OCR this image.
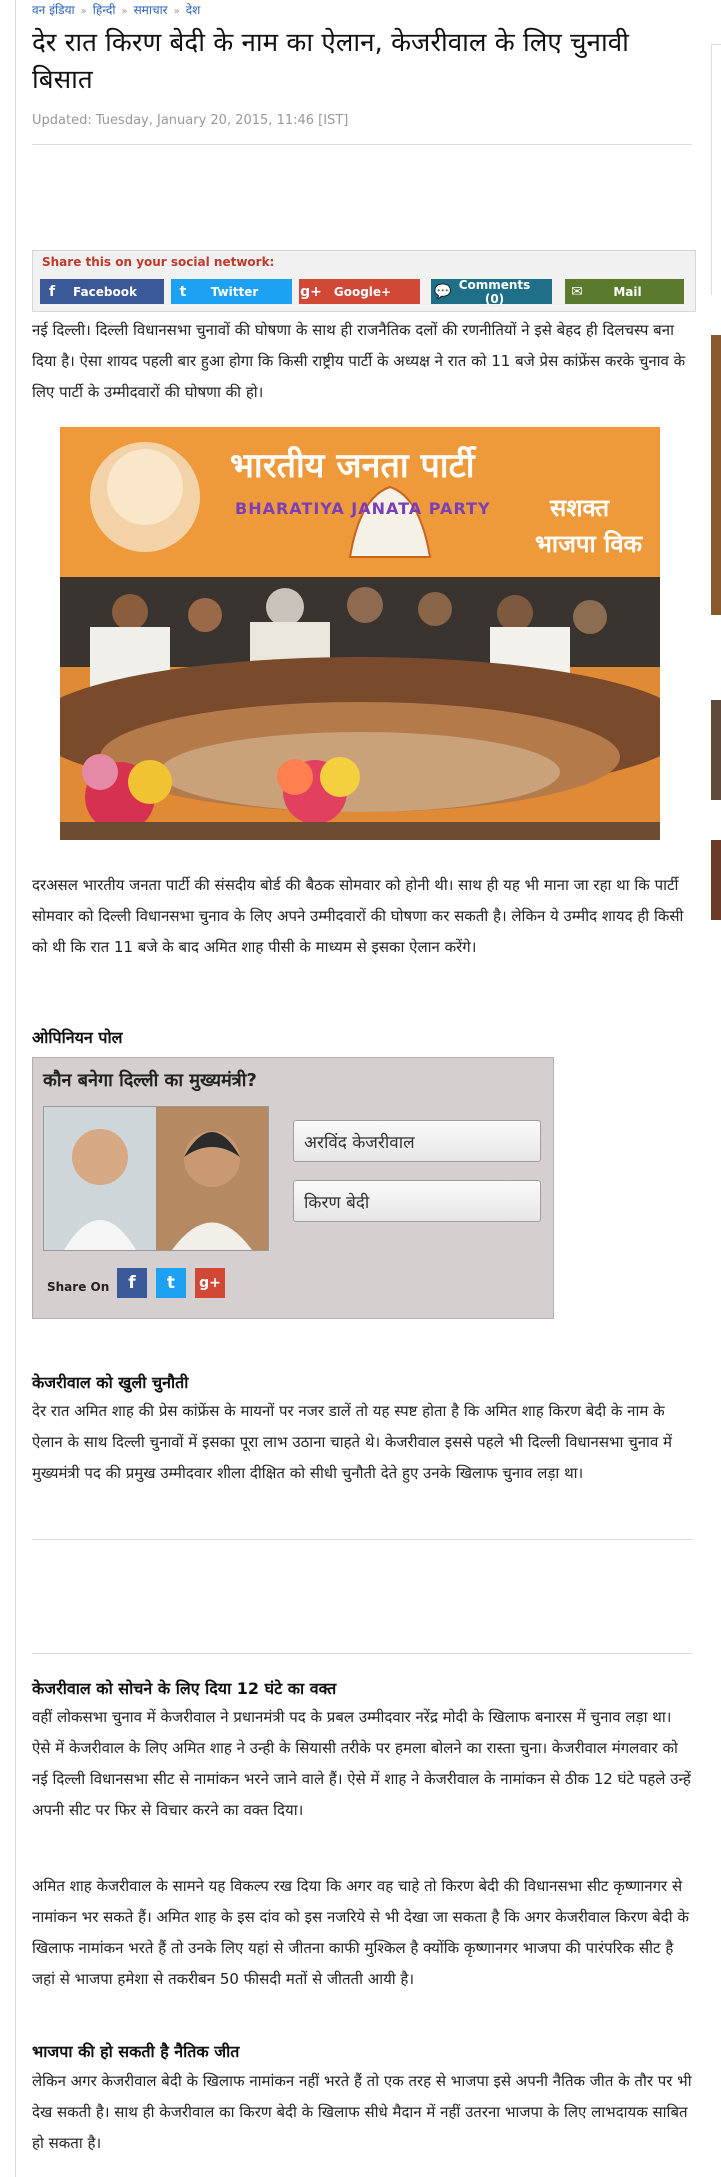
वन इंडिया » हिन्दी » समाचार » देश
देर रात किरण बेदी के नाम का ऐलान, केजरीवाल के लिए चुनावी बिसात
Updated: Tuesday, January 20, 2015, 11:46 [IST]
Share this on your social network:
f	Facebook	t	Twitter	g+	Google+	💬 Comments (0)	✉	Mail

नई दिल्ली। दिल्ली विधानसभा चुनावों की घोषणा के साथ ही राजनैतिक दलों की रणनीतियों ने इसे बेहद ही दिलचस्प बना दिया है। ऐसा शायद पहली बार हुआ होगा कि किसी राष्ट्रीय पार्टी के अध्यक्ष ने रात को 11 बजे प्रेस कांफ्रेंस करके चुनाव के लिए पार्टी के उम्मीदवारों की घोषणा की हो।

भारतीय जनता पार्टी
BHARATIYA JANATA PARTY सशक्त
भाजपा विक

दरअसल भारतीय जनता पार्टी की संसदीय बोर्ड की बैठक सोमवार को होनी थी। साथ ही यह भी माना जा रहा था कि पार्टी सोमवार को दिल्ली विधानसभा चुनाव के लिए अपने उम्मीदवारों की घोषणा कर सकती है। लेकिन ये उम्मीद शायद ही किसी को थी कि रात 11 बजे के बाद अमित शाह पीसी के माध्यम से इसका ऐलान करेंगे।

ओपिनियन पोल
कौन बनेगा दिल्ली का मुख्यमंत्री?
अरविंद केजरीवाल
किरण बेदी
Share On	f	t	g+
केजरीवाल को खुली चुनौती

देर रात अमित शाह की प्रेस कांफ्रेंस के मायनों पर नजर डालें तो यह स्पष्ट होता है कि अमित शाह किरण बेदी के नाम के ऐलान के साथ दिल्ली चुनावों में इसका पूरा लाभ उठाना चाहते थे। केजरीवाल इससे पहले भी दिल्ली विधानसभा चुनाव में मुख्यमंत्री पद की प्रमुख उम्मीदवार शीला दीक्षित को सीधी चुनौती देते हुए उनके खिलाफ चुनाव लड़ा था।

केजरीवाल को सोचने के लिए दिया 12 घंटे का वक्त

वहीं लोकसभा चुनाव में केजरीवाल ने प्रधानमंत्री पद के प्रबल उम्मीदवार नरेंद्र मोदी के खिलाफ बनारस में चुनाव लड़ा था। ऐसे में केजरीवाल के लिए अमित शाह ने उन्ही के सियासी तरीके पर हमला बोलने का रास्ता चुना। केजरीवाल मंगलवार को नई दिल्ली विधानसभा सीट से नामांकन भरने जाने वाले हैं। ऐसे में शाह ने केजरीवाल के नामांकन से ठीक 12 घंटे पहले उन्हें अपनी सीट पर फिर से विचार करने का वक्त दिया।

अमित शाह केजरीवाल के सामने यह विकल्प रख दिया कि अगर वह चाहे तो किरण बेदी की विधानसभा सीट कृष्णानगर से नामांकन भर सकते हैं। अमित शाह के इस दांव को इस नजरिये से भी देखा जा सकता है कि अगर केजरीवाल किरण बेदी के खिलाफ नामांकन भरते हैं तो उनके लिए यहां से जीतना काफी मुश्किल है क्योंकि कृष्णानगर भाजपा की पारंपरिक सीट है जहां से भाजपा हमेशा से तकरीबन 50 फीसदी मतों से जीतती आयी है।

भाजपा की हो सकती है नैतिक जीत

लेकिन अगर केजरीवाल बेदी के खिलाफ नामांकन नहीं भरते हैं तो एक तरह से भाजपा इसे अपनी नैतिक जीत के तौर पर भी देख सकती है। साथ ही केजरीवाल का किरण बेदी के खिलाफ सीधे मैदान में नहीं उतरना भाजपा के लिए लाभदायक साबित हो सकता है।
